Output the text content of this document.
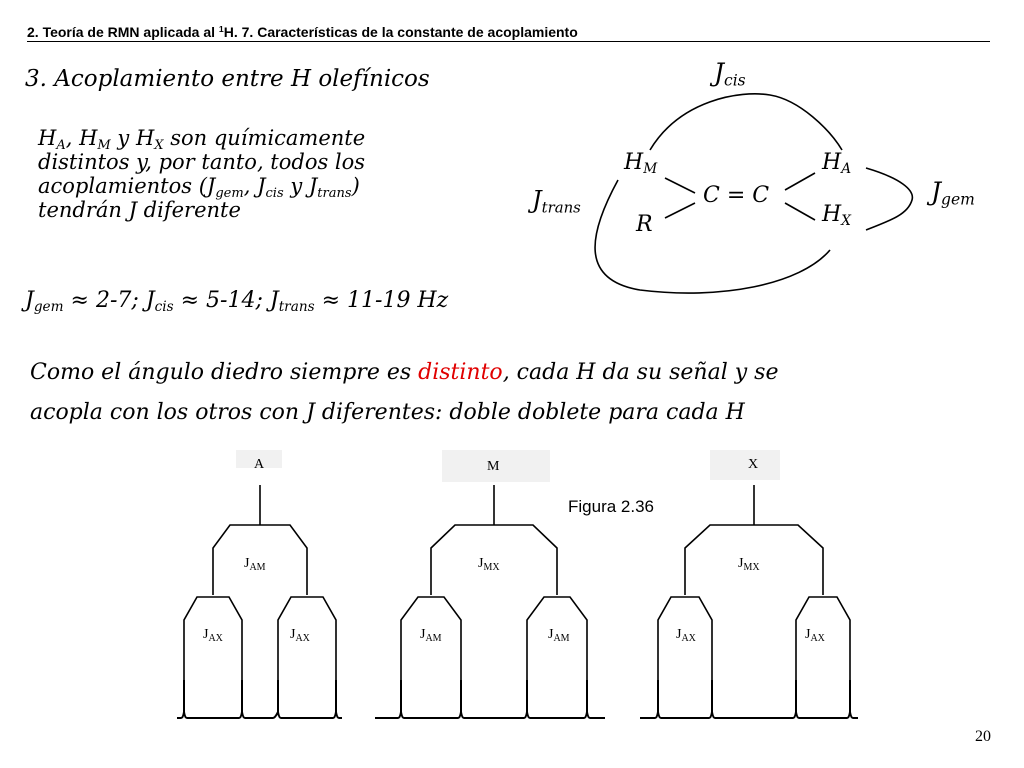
2. Teoría de RMN aplicada al $^1$H. 7. Características de la constante de acoplamiento
3. Acoplamiento entre H olefínicos
$H_A$, $H_M$ y $H_X$ son químicamente
distintos y, por tanto, todos los
acoplamientos ($J_{gem}$, $J_{cis}$ y $J_{trans}$)
tendrán J diferente
$J_{cis}$
$J_{trans}$
$J_{gem}$
$H_M$	$H_A$
$H_X$
C = C
R
$J_{gem} \approx 2-7$; $J_{cis} \approx 5-14$; $J_{trans} \approx 11-19$ Hz
Como el ángulo diedro siempre es distinto, cada H da su señal y se
acopla con los otros con J diferentes: doble doblete para cada H
A	M	X
$J_{AM}$	$J_{MX}$	$J_{MX}$
$J_{AX}$	$J_{AX}$	$J_{AM}$	$J_{AM}$	$J_{AX}$	$J_{AX}$
Figura 2.36
20
